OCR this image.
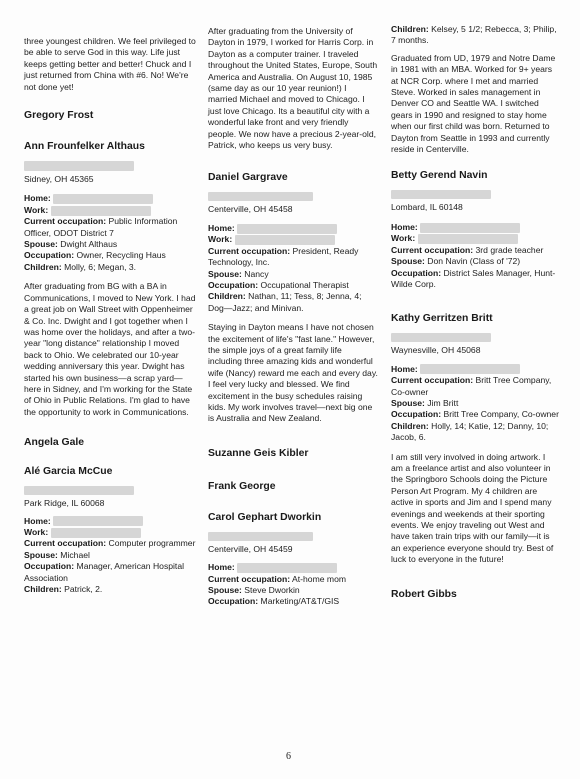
three youngest children. We feel privileged to be able to serve God in this way. Life just keeps getting better and better! Chuck and I just returned from China with #6. No! We're not done yet!

Gregory Frost
Ann Frounfelker Althaus
Sidney, OH 45365
Home:
Work:
Current occupation: Public Information Officer, ODOT District 7
Spouse: Dwight Althaus
Occupation: Owner, Recycling Haus
Children: Molly, 6; Megan, 3.

After graduating from BG with a BA in Communications, I moved to New York. I had a great job on Wall Street with Oppenheimer & Co. Inc. Dwight and I got together when I was home over the holidays, and after a two-year "long distance" relationship I moved back to Ohio. We celebrated our 10-year wedding anniversary this year. Dwight has started his own business—a scrap yard—here in Sidney, and I'm working for the State of Ohio in Public Relations. I'm glad to have the opportunity to work in Communications.

Angela Gale
Alé Garcia McCue
Park Ridge, IL 60068
Home:
Work:
Current occupation: Computer programmer
Spouse: Michael
Occupation: Manager, American Hospital Association
Children: Patrick, 2.

After graduating from the University of Dayton in 1979, I worked for Harris Corp. in Dayton as a computer trainer. I traveled throughout the United States, Europe, South America and Australia. On August 10, 1985 (same day as our 10 year reunion!) I married Michael and moved to Chicago. I just love Chicago. Its a beautiful city with a wonderful lake front and very friendly people. We now have a precious 2-year-old, Patrick, who keeps us very busy.

Daniel Gargrave
Centerville, OH 45458
Home:
Work:
Current occupation: President, Ready Technology, Inc.
Spouse: Nancy
Occupation: Occupational Therapist
Children: Nathan, 11; Tess, 8; Jenna, 4; Dog—Jazz; and Minivan.

Staying in Dayton means I have not chosen the excitement of life's "fast lane." However, the simple joys of a great family life including three amazing kids and wonderful wife (Nancy) reward me each and every day. I feel very lucky and blessed. We find excitement in the busy schedules raising kids. My work involves travel—next big one is Australia and New Zealand.

Suzanne Geis Kibler
Frank George
Carol Gephart Dworkin
Centerville, OH 45459
Home:
Current occupation: At-home mom
Spouse: Steve Dworkin
Occupation: Marketing/AT&T/GIS
Children: Kelsey, 5 1/2; Rebecca, 3; Philip, 7 months.

Graduated from UD, 1979 and Notre Dame in 1981 with an MBA. Worked for 9+ years at NCR Corp. where I met and married Steve. Worked in sales management in Denver CO and Seattle WA. I switched gears in 1990 and resigned to stay home when our first child was born. Returned to Dayton from Seattle in 1993 and currently reside in Centerville.

Betty Gerend Navin
Lombard, IL 60148
Home:
Work:
Current occupation: 3rd grade teacher
Spouse: Don Navin (Class of '72)
Occupation: District Sales Manager, Hunt-Wilde Corp.
Kathy Gerritzen Britt
Waynesville, OH 45068
Home:
Current occupation: Britt Tree Company, Co-owner
Spouse: Jim Britt
Occupation: Britt Tree Company, Co-owner
Children: Holly, 14; Katie, 12; Danny, 10; Jacob, 6.

I am still very involved in doing artwork. I am a freelance artist and also volunteer in the Springboro Schools doing the Picture Person Art Program. My 4 children are active in sports and Jim and I spend many evenings and weekends at their sporting events. We enjoy traveling out West and have taken train trips with our family—it is an experience everyone should try. Best of luck to everyone in the future!

Robert Gibbs
6
